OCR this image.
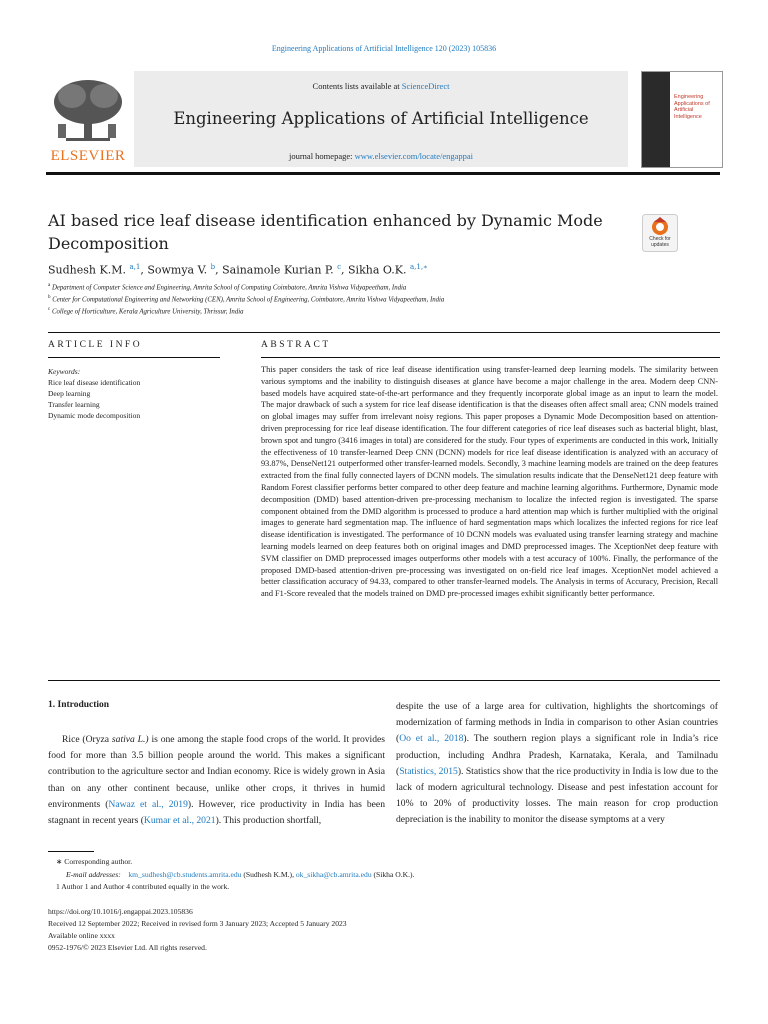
Engineering Applications of Artificial Intelligence 120 (2023) 105836
ELSEVIER
Contents lists available at ScienceDirect
Engineering Applications of Artificial Intelligence
journal homepage: www.elsevier.com/locate/engappai
Engineering Applications of Artificial Intelligence
AI based rice leaf disease identification enhanced by Dynamic Mode Decomposition	Check for
updates
Sudhesh K.M. $^{a,1}$, Sowmya V. $^b$, Sainamole Kurian P. $^c$, Sikha O.K. $^{a,1,∗}$
$^a$ Department of Computer Science and Engineering, Amrita School of Computing Coimbatore, Amrita Vishwa Vidyapeetham, India
$^b$ Center for Computational Engineering and Networking (CEN), Amrita School of Engineering, Coimbatore, Amrita Vishwa Vidyapeetham, India
$^c$ College of Horticulture, Kerala Agriculture University, Thrissur, India
ARTICLE INFO	ABSTRACT
Keywords:
Rice leaf disease identification
Deep learning
Transfer learning
Dynamic mode decomposition
This paper considers the task of rice leaf disease identification using transfer-learned deep learning models. The similarity between various symptoms and the inability to distinguish diseases at glance have become a major challenge in the area. Modern deep CNN-based models have acquired state-of-the-art performance and they frequently incorporate global image as an input to learn the model. The major drawback of such a system for rice leaf disease identification is that the diseases often affect small area; CNN models trained on global images may suffer from irrelevant noisy regions. This paper proposes a Dynamic Mode Decomposition based on attention-driven preprocessing for rice leaf disease identification. The four different categories of rice leaf diseases such as bacterial blight, blast, brown spot and tungro (3416 images in total) are considered for the study. Four types of experiments are conducted in this work, Initially the effectiveness of 10 transfer-learned Deep CNN (DCNN) models for rice leaf disease identification is analyzed with an accuracy of 93.87%, DenseNet121 outperformed other transfer-learned models. Secondly, 3 machine learning models are trained on the deep features extracted from the final fully connected layers of DCNN models. The simulation results indicate that the DenseNet121 deep feature with Random Forest classifier performs better compared to other deep feature and machine learning algorithms. Furthermore, Dynamic mode decomposition (DMD) based attention-driven pre-processing mechanism to localize the infected region is investigated. The sparse component obtained from the DMD algorithm is processed to produce a hard attention map which is further multiplied with the original images to generate hard segmentation map. The influence of hard segmentation maps which localizes the infected regions for rice leaf disease identification is investigated. The performance of 10 DCNN models was evaluated using transfer learning strategy and machine learning models learned on deep features both on original images and DMD preprocessed images. The XceptionNet deep feature with SVM classifier on DMD preprocessed images outperforms other models with a test accuracy of 100%. Finally, the performance of the proposed DMD-based attention-driven pre-processing was investigated on on-field rice leaf images. XceptionNet model achieved a better classification accuracy of 94.33, compared to other transfer-learned models. The Analysis in terms of Accuracy, Precision, Recall and F1-Score revealed that the models trained on DMD pre-processed images exhibit significantly better performance.
1. Introduction
Rice (Oryza sativa L.) is one among the staple food crops of the world. It provides food for more than 3.5 billion people around the world. This makes a significant contribution to the agriculture sector and Indian economy. Rice is widely grown in Asia than on any other continent because, unlike other crops, it thrives in humid environments (Nawaz et al., 2019). However, rice productivity in India has been stagnant in recent years (Kumar et al., 2021). This production shortfall,
despite the use of a large area for cultivation, highlights the shortcomings of modernization of farming methods in India in comparison to other Asian countries (Oo et al., 2018). The southern region plays a significant role in India’s rice production, including Andhra Pradesh, Karnataka, Kerala, and Tamilnadu (Statistics, 2015). Statistics show that the rice productivity in India is low due to the lack of modern agricultural technology. Disease and pest infestation account for 10% to 20% of productivity losses. The main reason for crop production depreciation is the inability to monitor the disease symptoms at a very
∗ Corresponding author.
E-mail addresses: km_sudhesh@cb.students.amrita.edu (Sudhesh K.M.), ok_sikha@cb.amrita.edu (Sikha O.K.).
1 Author 1 and Author 4 contributed equally in the work.
https://doi.org/10.1016/j.engappai.2023.105836
Received 12 September 2022; Received in revised form 3 January 2023; Accepted 5 January 2023
Available online xxxx
0952-1976/© 2023 Elsevier Ltd. All rights reserved.
